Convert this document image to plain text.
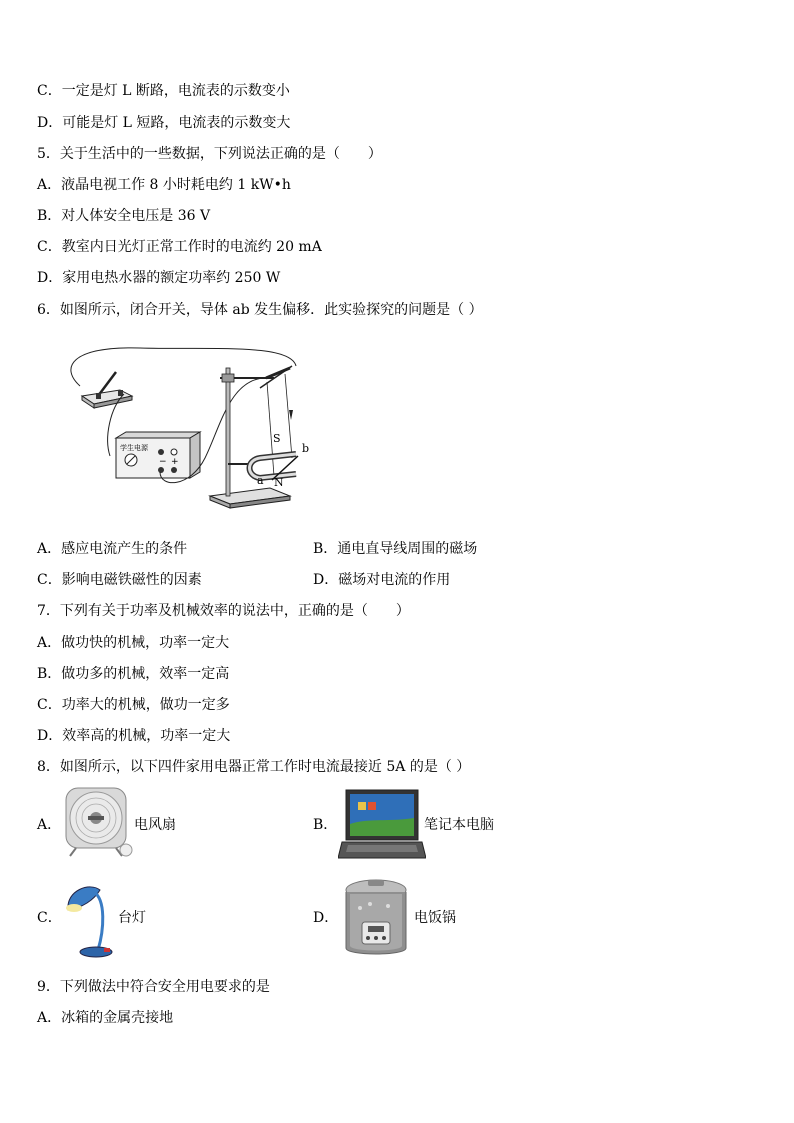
C．一定是灯 L 断路，电流表的示数变小
D．可能是灯 L 短路，电流表的示数变大
5．关于生活中的一些数据，下列说法正确的是（　　）
A．液晶电视工作 8 小时耗电约 1 kW•h
B．对人体安全电压是 36 V
C．教室内日光灯正常工作时的电流约 20 mA
D．家用电热水器的额定功率约 250 W
6．如图所示，闭合开关，导体 ab 发生偏移．此实验探究的问题是（ ）
学生电源
− +
S
b
a N
A．感应电流产生的条件	B．通电直导线周围的磁场
C．影响电磁铁磁性的因素	D．磁场对电流的作用
7．下列有关于功率及机械效率的说法中，正确的是（　　）
A．做功快的机械，功率一定大
B．做功多的机械，效率一定高
C．功率大的机械，做功一定多
D．效率高的机械，功率一定大
8．如图所示，以下四件家用电器正常工作时电流最接近 5A 的是（ ）
A．	电风扇	B．	笔记本电脑
C．	台灯	D．	电饭锅
9．下列做法中符合安全用电要求的是
A．冰箱的金属壳接地
